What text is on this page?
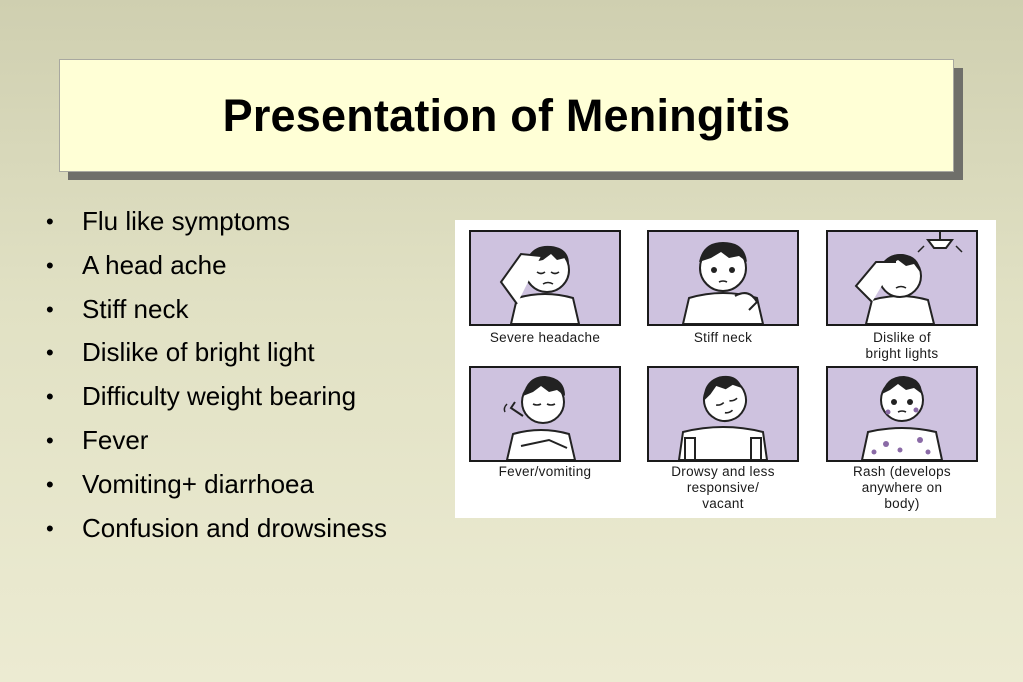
Presentation of Meningitis
• Flu like symptoms
• A head ache
• Stiff neck
• Dislike of bright light
• Difficulty weight bearing
• Fever
• Vomiting+ diarrhoea
• Confusion and drowsiness
Severe headache	Stiff neck	Dislike of
bright lights
Fever/vomiting	Drowsy and less
responsive/
vacant
Rash (develops
anywhere on
body)
